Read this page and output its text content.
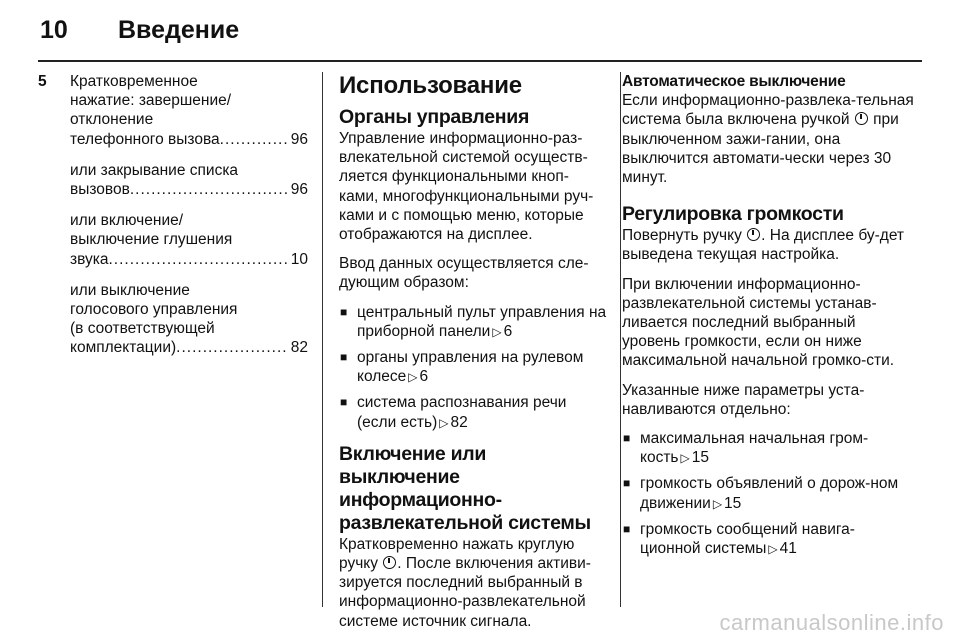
10 Введение
5 Кратковременное
нажатие: завершение/
отклонение
телефонного вызова .....	96
или закрывание списка
вызовов .....	96
или включение/
выключение глушения
звука .....	10
или выключение
голосового управления
(в соответствующей
комплектации) .....	82
Использование
Органы управления

Управление информационно-раз-влекательной системой осуществ-ляется функциональными кноп-ками, многофункциональными руч-ками и с помощью меню, которые отображаются на дисплее.

Ввод данных осуществляется сле-дующим образом:

■ центральный пульт управления на приборной панели ▷ 6
■ органы управления на рулевом колесе ▷ 6
■ система распознавания речи (если есть) ▷ 82
Включение или выключение информационно-развлекательной системы

Кратковременно нажать круглую ручку . После включения активи-зируется последний выбранный в информационно-развлекательной системе источник сигнала.

Автоматическое выключение

Если информационно-развлека-тельная система была включена ручкой при выключенном зажи-гании, она выключится автомати-чески через 30 минут.

Регулировка громкости

Повернуть ручку . На дисплее бу-дет выведена текущая настройка.

При включении информационно-развлекательной системы устанав-ливается последний выбранный уровень громкости, если он ниже максимальной начальной громко-сти.

Указанные ниже параметры уста-навливаются отдельно:

■ максимальная начальная гром-кость ▷ 15
■ громкость объявлений о дорож-ном движении ▷ 15
■ громкость сообщений навига-ционной системы ▷ 41
carmanualsonline.info
